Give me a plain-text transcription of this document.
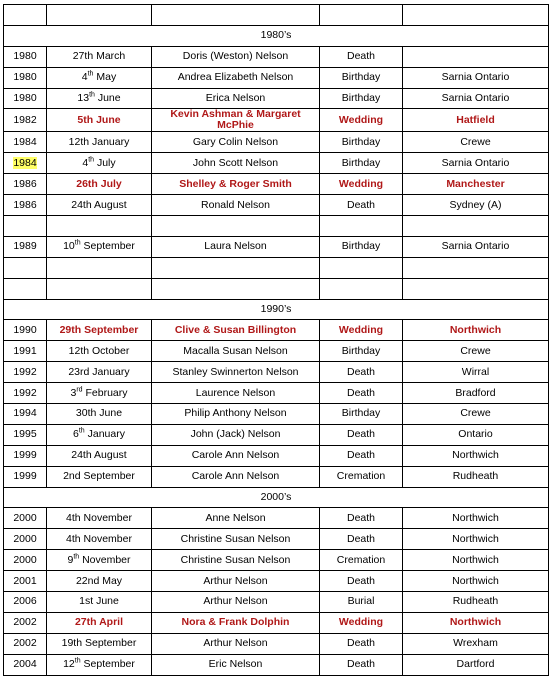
1980’s				
1980	27th March	Doris (Weston) Nelson	Death	
1980	4th May	Andrea Elizabeth Nelson	Birthday	Sarnia Ontario
1980	13th June	Erica Nelson	Birthday	Sarnia Ontario
1982	5th June	Kevin Ashman & Margaret McPhie	Wedding	Hatfield
1984	12th January	Gary Colin Nelson	Birthday	Crewe
1984	4th July	John Scott Nelson	Birthday	Sarnia Ontario
1986	26th July	Shelley & Roger Smith	Wedding	Manchester
1986	24th August	Ronald Nelson	Death	Sydney (A)

1989	10th September	Laura Nelson	Birthday	Sarnia Ontario

1990’s				
1990	29th September	Clive & Susan Billington	Wedding	Northwich
1991	12th October	Macalla Susan Nelson	Birthday	Crewe
1992	23rd January	Stanley Swinnerton Nelson	Death	Wirral
1992	3rd February	Laurence Nelson	Death	Bradford
1994	30th June	Philip Anthony Nelson	Birthday	Crewe
1995	6th January	John (Jack) Nelson	Death	Ontario
1999	24th August	Carole Ann Nelson	Death	Northwich
1999	2nd September	Carole Ann Nelson	Cremation	Rudheath
2000’s				
2000	4th November	Anne Nelson	Death	Northwich
2000	4th November	Christine Susan Nelson	Death	Northwich
2000	9th November	Christine Susan Nelson	Cremation	Northwich
2001	22nd May	Arthur Nelson	Death	Northwich
2006	1st June	Arthur Nelson	Burial	Rudheath
2002	27th April	Nora & Frank Dolphin	Wedding	Northwich
2002	19th September	Arthur Nelson	Death	Wrexham
2004	12th September	Eric Nelson	Death	Dartford
